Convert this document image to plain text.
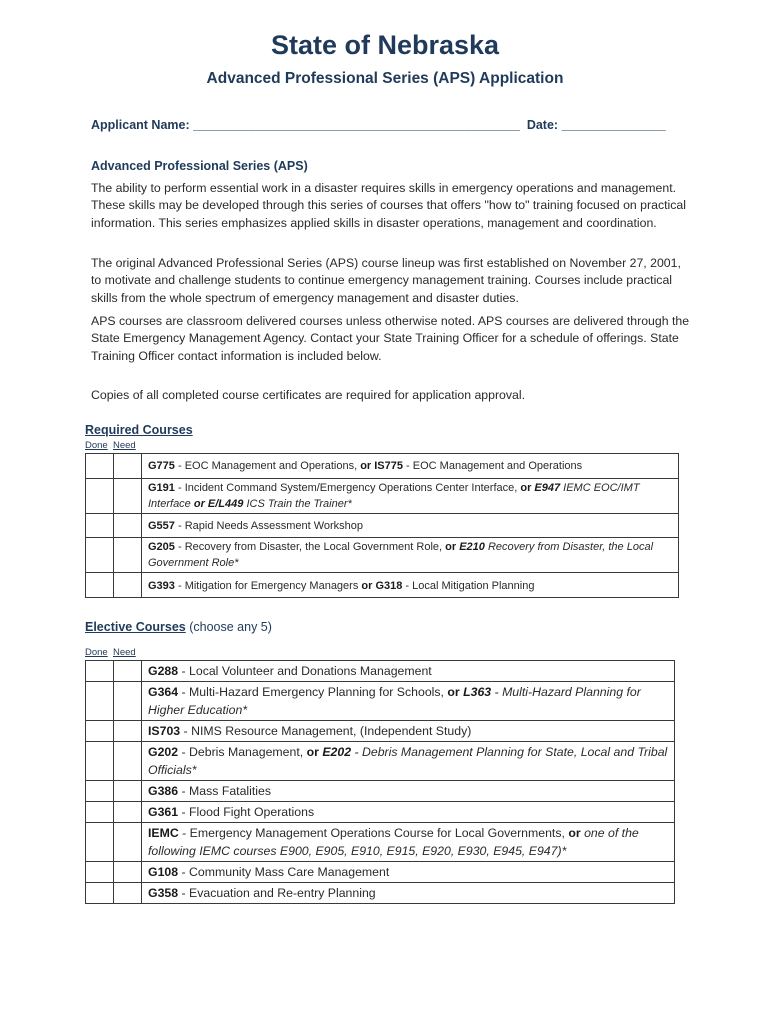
State of Nebraska
Advanced Professional Series (APS) Application
Applicant Name: _______________________________________________ Date: _______________
Advanced Professional Series (APS)

The ability to perform essential work in a disaster requires skills in emergency operations and management. These skills may be developed through this series of courses that offers "how to" training focused on practical information. This series emphasizes applied skills in disaster operations, management and coordination.

The original Advanced Professional Series (APS) course lineup was first established on November 27, 2001, to motivate and challenge students to continue emergency management training. Courses include practical skills from the whole spectrum of emergency management and disaster duties.

APS courses are classroom delivered courses unless otherwise noted. APS courses are delivered through the State Emergency Management Agency. Contact your State Training Officer for a schedule of offerings. State Training Officer contact information is included below.

Copies of all completed course certificates are required for application approval.

Required Courses
Done Need

		G775 - EOC Management and Operations, or IS775 - EOC Management and Operations

		G191 - Incident Command System/Emergency Operations Center Interface, or E947 IEMC EOC/IMT Interface or E/L449 ICS Train the Trainer*

		G557 - Rapid Needs Assessment Workshop

		G205 - Recovery from Disaster, the Local Government Role, or E210 Recovery from Disaster, the Local Government Role*

		G393 - Mitigation for Emergency Managers or G318 - Local Mitigation Planning
Elective Courses (choose any 5)
Done Need

		G288 - Local Volunteer and Donations Management

		G364 - Multi-Hazard Emergency Planning for Schools, or L363 - Multi-Hazard Planning for Higher Education*

		IS703 - NIMS Resource Management, (Independent Study)

		G202 - Debris Management, or E202 - Debris Management Planning for State, Local and Tribal Officials*

		G386 - Mass Fatalities

		G361 - Flood Fight Operations

		IEMC - Emergency Management Operations Course for Local Governments, or one of the following IEMC courses E900, E905, E910, E915, E920, E930, E945, E947)*

		G108 - Community Mass Care Management

		G358 - Evacuation and Re-entry Planning
